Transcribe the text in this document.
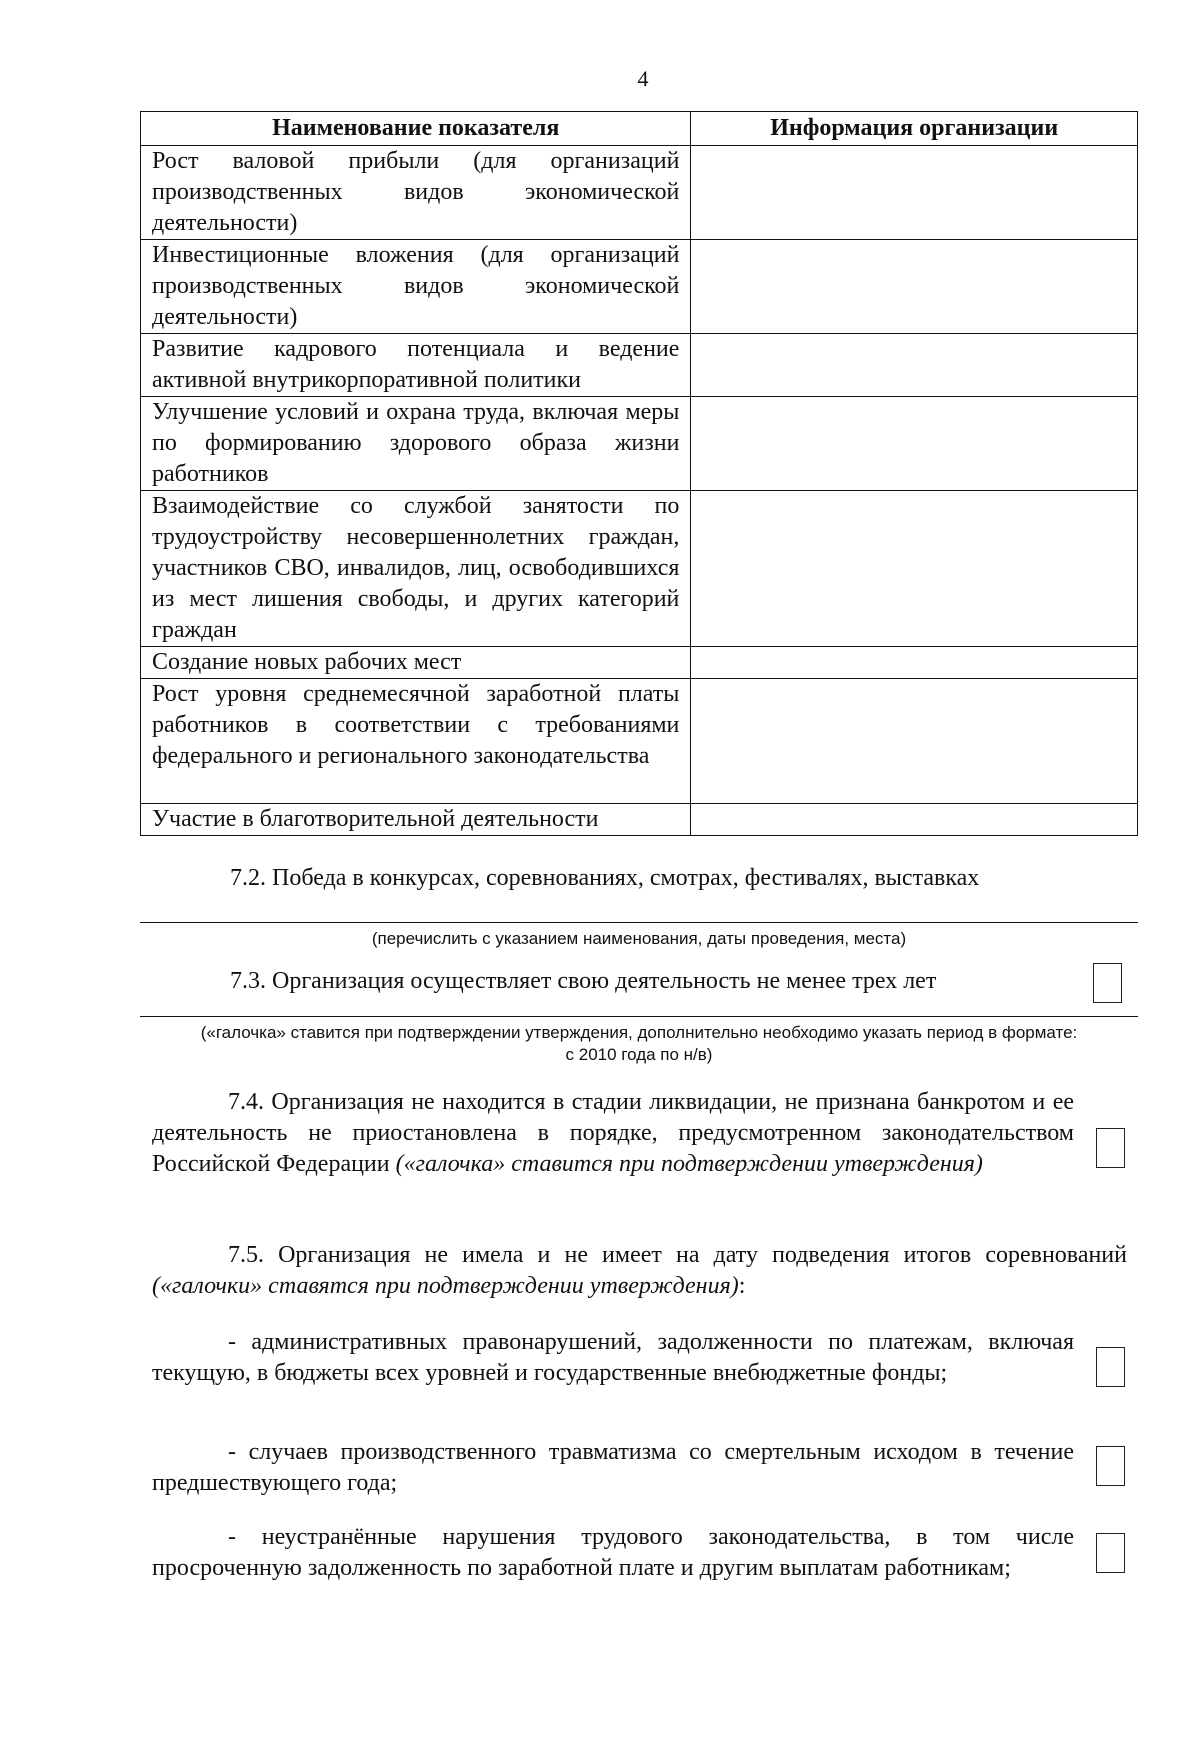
4
Наименование показателя	Информация организации
Рост валовой прибыли (для организаций производственных видов экономической деятельности)	
Инвестиционные вложения (для организаций производственных видов экономической деятельности)	
Развитие кадрового потенциала и ведение активной внутрикорпоративной политики	
Улучшение условий и охрана труда, включая меры по формированию здорового образа жизни работников	
Взаимодействие со службой занятости по трудоустройству несовершеннолетних граждан, участников СВО, инвалидов, лиц, освободившихся из мест лишения свободы, и других категорий граждан	
Создание новых рабочих мест	
Рост уровня среднемесячной заработной платы работников в соответствии с требованиями федерального и регионального законодательства	
Участие в благотворительной деятельности	
7.2. Победа в конкурсах, соревнованиях, смотрах, фестивалях, выставках
(перечислить с указанием наименования, даты проведения, места)
7.3. Организация осуществляет свою деятельность не менее трех лет
(«галочка» ставится при подтверждении утверждения, дополнительно необходимо указать период в формате:
с 2010 года по н/в)
7.4. Организация не находится в стадии ликвидации, не признана банкротом и ее деятельность не приостановлена в порядке, предусмотренном законодательством Российской Федерации («галочка» ставится при подтверждении утверждения)
7.5. Организация не имела и не имеет на дату подведения итогов соревнований («галочки» ставятся при подтверждении утверждения):
- административных правонарушений, задолженности по платежам, включая текущую, в бюджеты всех уровней и государственные внебюджетные фонды;
- случаев производственного травматизма со смертельным исходом в течение предшествующего года;
- неустранённые нарушения трудового законодательства, в том числе просроченную задолженность по заработной плате и другим выплатам работникам;
